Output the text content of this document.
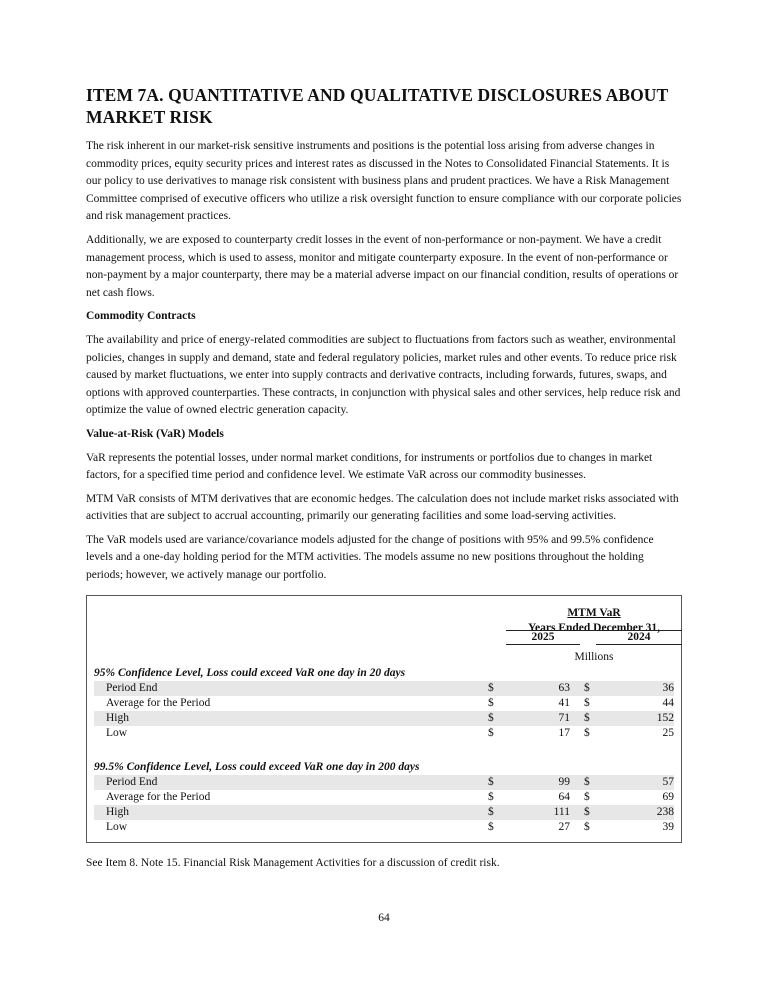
ITEM 7A. QUANTITATIVE AND QUALITATIVE DISCLOSURES ABOUT MARKET RISK

The risk inherent in our market-risk sensitive instruments and positions is the potential loss arising from adverse changes in commodity prices, equity security prices and interest rates as discussed in the Notes to Consolidated Financial Statements. It is our policy to use derivatives to manage risk consistent with business plans and prudent practices. We have a Risk Management Committee comprised of executive officers who utilize a risk oversight function to ensure compliance with our corporate policies and risk management practices.

Additionally, we are exposed to counterparty credit losses in the event of non-performance or non-payment. We have a credit management process, which is used to assess, monitor and mitigate counterparty exposure. In the event of non-performance or non-payment by a major counterparty, there may be a material adverse impact on our financial condition, results of operations or net cash flows.

Commodity Contracts

The availability and price of energy-related commodities are subject to fluctuations from factors such as weather, environmental policies, changes in supply and demand, state and federal regulatory policies, market rules and other events. To reduce price risk caused by market fluctuations, we enter into supply contracts and derivative contracts, including forwards, futures, swaps, and options with approved counterparties. These contracts, in conjunction with physical sales and other services, help reduce risk and optimize the value of owned electric generation capacity.

Value-at-Risk (VaR) Models

VaR represents the potential losses, under normal market conditions, for instruments or portfolios due to changes in market factors, for a specified time period and confidence level. We estimate VaR across our commodity businesses.

MTM VaR consists of MTM derivatives that are economic hedges. The calculation does not include market risks associated with activities that are subject to accrual accounting, primarily our generating facilities and some load-serving activities.

The VaR models used are variance/covariance models adjusted for the change of positions with 95% and 99.5% confidence levels and a one-day holding period for the MTM activities. The models assume no new positions throughout the holding periods; however, we actively manage our portfolio.

MTM VaR
Years Ended December 31,
2025	2024
Millions
95% Confidence Level, Loss could exceed VaR one day in 20 days
Period End	$	63 $	36
Average for the Period	$	41 $	44
High	$	71 $	152
Low	$	17 $	25
99.5% Confidence Level, Loss could exceed VaR one day in 200 days
Period End	$	99 $	57
Average for the Period	$	64 $	69
High	$	111 $	238
Low	$	27 $	39

See Item 8. Note 15. Financial Risk Management Activities for a discussion of credit risk.

64
